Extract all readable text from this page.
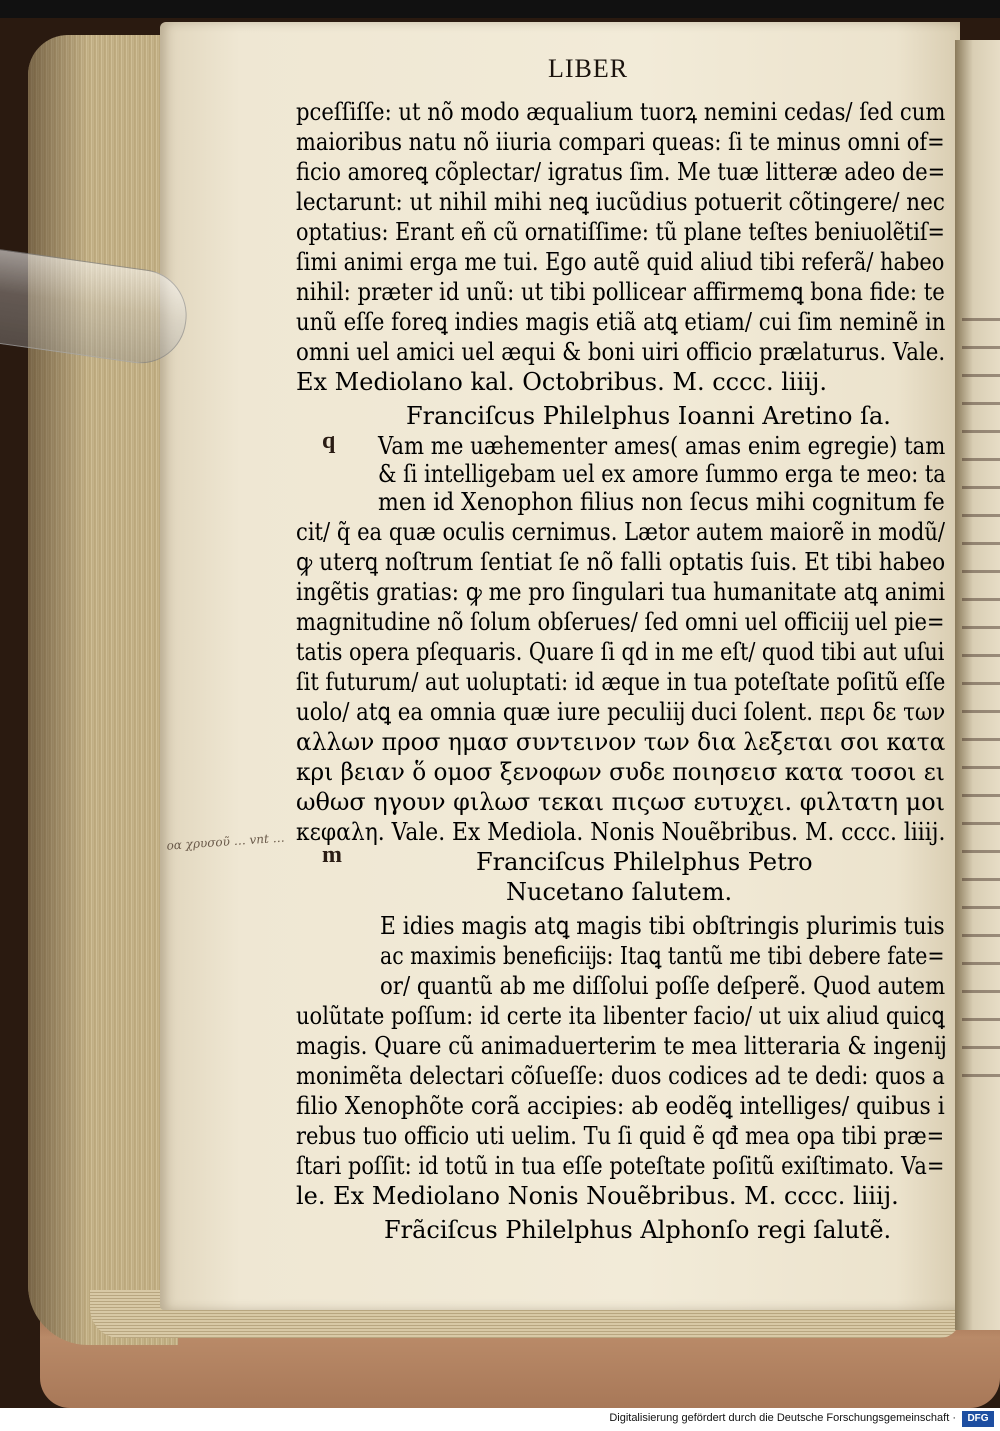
LIBER
q
m
οα χρυσοῦ … vnt …
pceſſiſſe: ut nõ modo æqualium tuorꝝ nemini cedas/ ſed cum
maioribus natu nõ iiuria compari queas: ſi te minus omni of=
ficio amoreꝗ cõplectar/ igratus ſim. Me tuæ litteræ adeo de=
lectarunt: ut nihil mihi neꝗ iucũdius potuerit cõtingere/ nec
optatius: Erant eñ cũ ornatiſſime: tũ plane teſtes beniuolẽtiſ=
ſimi animi erga me tui. Ego autẽ quid aliud tibi referã/ habeo
nihil: præter id unũ: ut tibi pollicear affirmemꝗ bona fide: te
unũ eſſe foreꝗ indies magis etiã atꝗ etiam/ cui ſim neminẽ in
omni uel amici uel æqui & boni uiri officio prælaturus. Vale.
Ex Mediolano kal. Octobribus. M. cccc. liiij.
Franciſcus Philelphus Ioanni Aretino ſa.
Vam me uæhementer ames( amas enim egregie) tam
& ſi intelligebam uel ex amore ſummo erga te meo: ta
men id Xenophon filius non ſecus mihi cognitum fe
cit/ q̃ ea quæ oculis cernimus. Lætor autem maiorẽ in modũ/
ꝙ uterꝗ noſtrum ſentiat ſe nõ falli optatis ſuis. Et tibi habeo
ingẽtis gratias: ꝙ me pro ſingulari tua humanitate atꝗ animi
magnitudine nõ ſolum obſerues/ ſed omni uel officiĳ uel pie=
tatis opera pſequaris. Quare ſi qd in me eſt/ quod tibi aut uſui
ſit futurum/ aut uoluptati: id æque in tua poteſtate poſitũ eſſe
uolo/ atꝗ ea omnia quæ iure peculiĳ duci ſolent. περι δε των
αλλων προσ ημασ συντεινον των δια λεξεται σοι κατα
κρι βειαν ὅ ομοσ ξενοφων συδε ποιησεισ κατα τοσοι ει
ωθωσ ηγουν φιλωσ τεκαι πιςωσ ευτυχει. φιλτατη μοι
κεφαλη. Vale. Ex Mediola. Nonis Nouẽbribus. M. cccc. liiij.
Franciſcus Philelphus Petro
Nucetano ſalutem.
E idies magis atꝗ magis tibi obſtringis plurimis tuis
ac maximis beneficiĳs: Itaꝗ tantũ me tibi debere fate=
or/ quantũ ab me diſſolui poſſe deſperẽ. Quod autem
uolũtate poſſum: id certe ita libenter facio/ ut uix aliud quicꝗ
magis. Quare cũ animaduerterim te mea litteraria & ingenĳ
monimẽta delectari cõſueſſe: duos codices ad te dedi: quos a
filio Xenophõte corã accipies: ab eodẽꝗ intelliges/ quibus i
rebus tuo officio uti uelim. Tu ſi quid ẽ qđ mea opa tibi præ=
ſtari poſſit: id totũ in tua eſſe poteſtate poſitũ exiſtimato. Va=
le. Ex Mediolano Nonis Nouẽbribus. M. cccc. liiij.
Frãciſcus Philelphus Alphonſo regi ſalutẽ.
Digitalisierung gefördert durch die Deutsche Forschungsgemeinschaft ·	DFG
